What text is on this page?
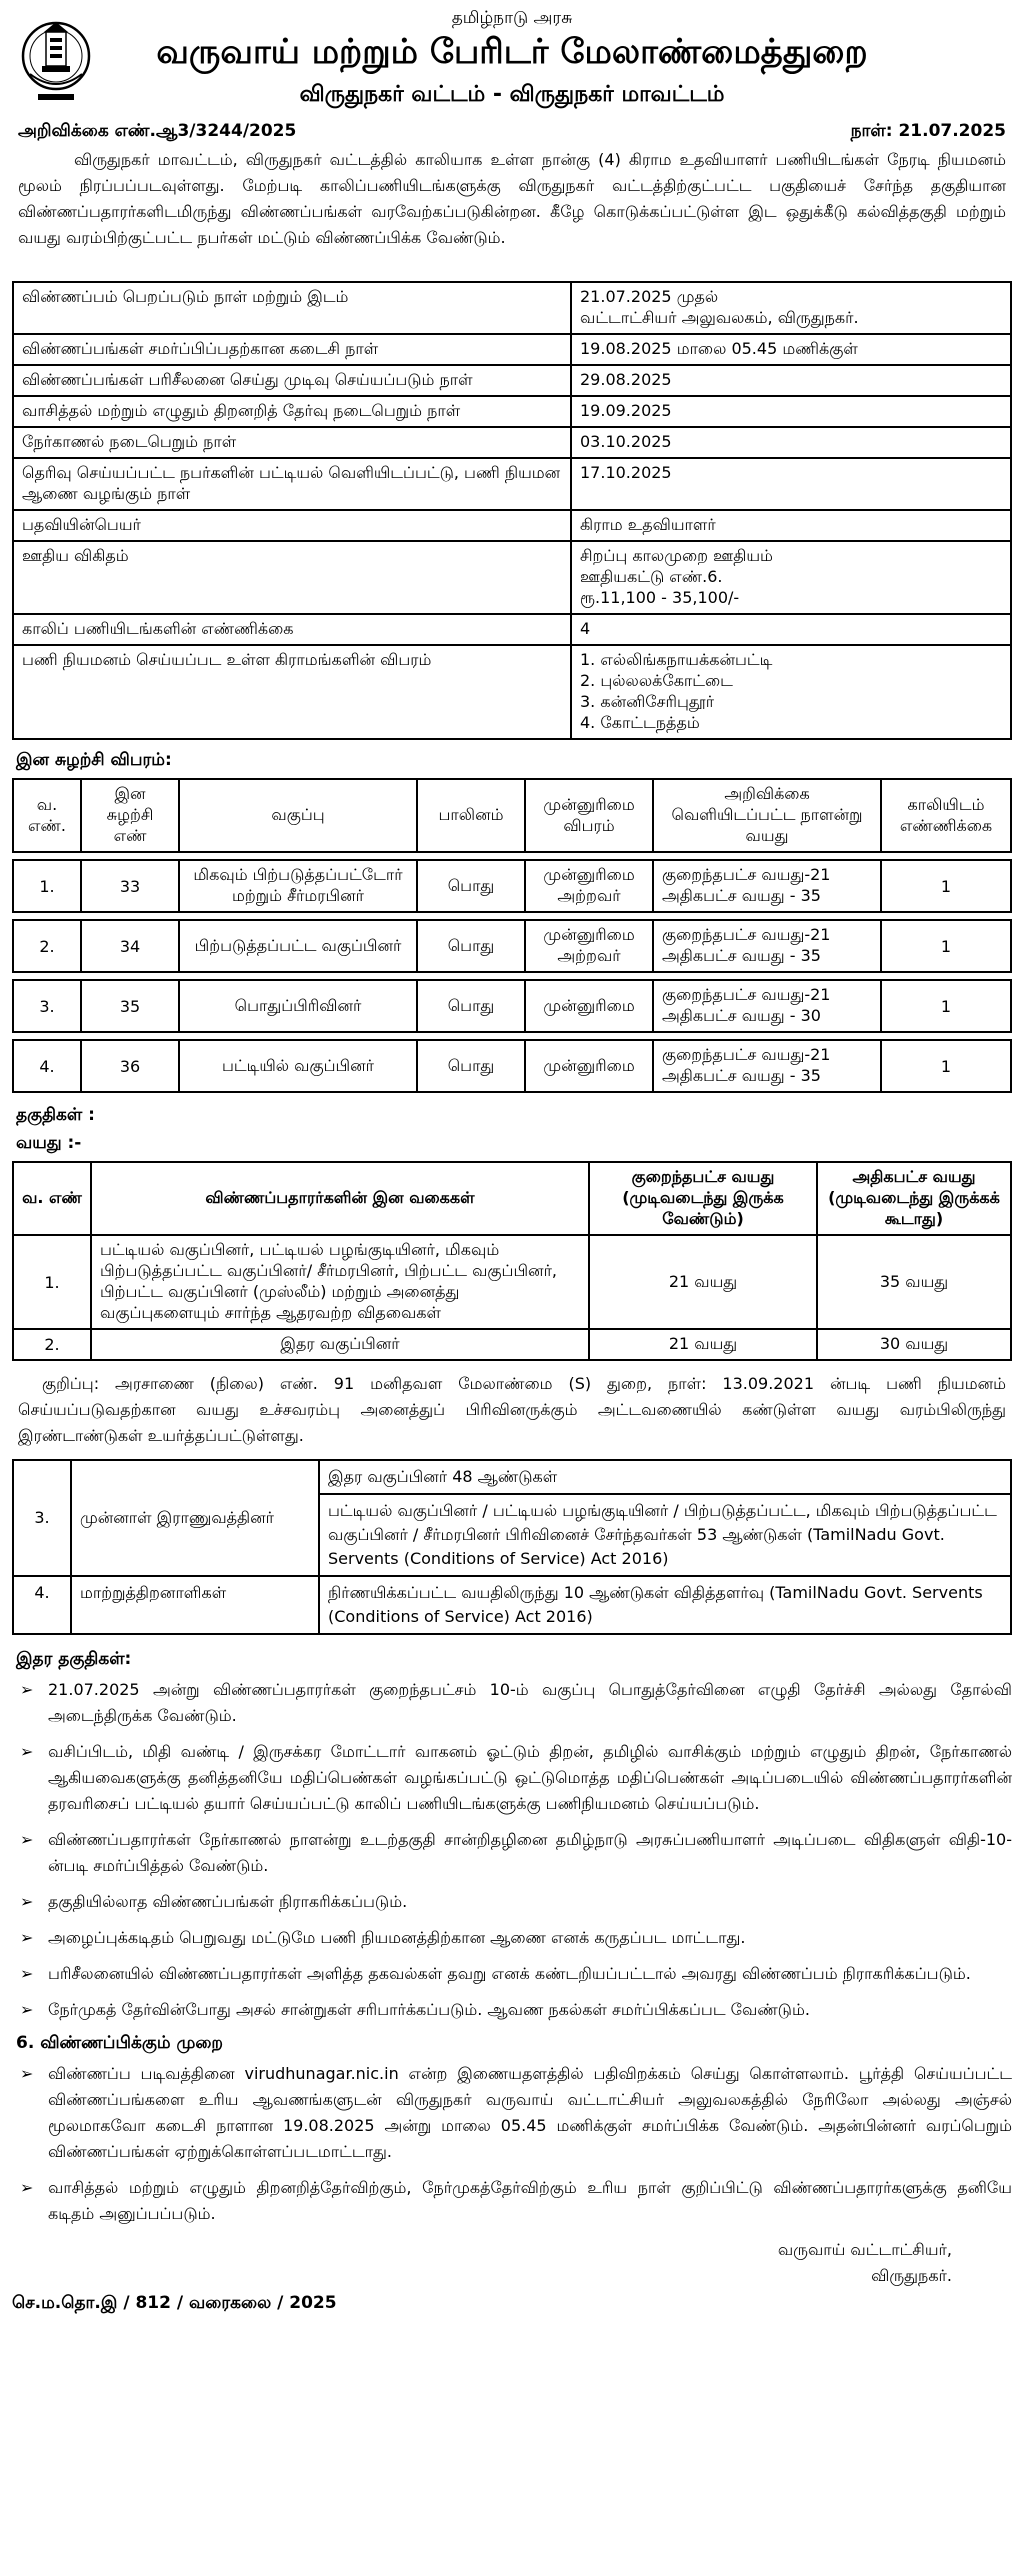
தமிழ்நாடு அரசு
வருவாய் மற்றும் பேரிடர் மேலாண்மைத்துறை
விருதுநகர் வட்டம் - விருதுநகர் மாவட்டம்
அறிவிக்கை எண்.ஆ3/3244/2025	நாள்: 21.07.2025
விருதுநகர் மாவட்டம், விருதுநகர் வட்டத்தில் காலியாக உள்ள நான்கு (4) கிராம உதவியாளர் பணியிடங்கள் நேரடி நியமனம் மூலம் நிரப்பப்படவுள்ளது. மேற்படி காலிப்பணியிடங்களுக்கு விருதுநகர் வட்டத்திற்குட்பட்ட பகுதியைச் சேர்ந்த தகுதியான விண்ணப்பதாரர்களிடமிருந்து விண்ணப்பங்கள் வரவேற்கப்படுகின்றன. கீழே கொடுக்கப்பட்டுள்ள இட ஒதுக்கீடு கல்வித்தகுதி மற்றும் வயது வரம்பிற்குட்பட்ட நபர்கள் மட்டும் விண்ணப்பிக்க வேண்டும்.
விண்ணப்பம் பெறப்படும் நாள் மற்றும் இடம்	21.07.2025 முதல்
வட்டாட்சியர் அலுவலகம், விருதுநகர்.

விண்ணப்பங்கள் சமர்ப்பிப்பதற்கான கடைசி நாள்	19.08.2025 மாலை 05.45 மணிக்குள்

விண்ணப்பங்கள் பரிசீலனை செய்து முடிவு செய்யப்படும் நாள்	29.08.2025

வாசித்தல் மற்றும் எழுதும் திறனறித் தேர்வு நடைபெறும் நாள்	19.09.2025

நேர்காணல் நடைபெறும் நாள்	03.10.2025

தெரிவு செய்யப்பட்ட நபர்களின் பட்டியல் வெளியிடப்பட்டு, பணி நியமன ஆணை வழங்கும் நாள்	17.10.2025

பதவியின்பெயர்	கிராம உதவியாளர்

ஊதிய விகிதம்	சிறப்பு காலமுறை ஊதியம்
ஊதியகட்டு எண்.6.
ரூ.11,100 - 35,100/-

காலிப் பணியிடங்களின் எண்ணிக்கை	4

பணி நியமனம் செய்யப்பட உள்ள கிராமங்களின் விபரம்	1. எல்லிங்கநாயக்கன்பட்டி
2. புல்லலக்கோட்டை
3. கன்னிசேரிபுதூர்
4. கோட்டநத்தம்
இன சுழற்சி விபரம்:
வ. எண்.	இன சுழற்சி எண்	வகுப்பு	பாலினம்	முன்னுரிமை விபரம்	அறிவிக்கை வெளியிடப்பட்ட நாளன்று வயது	காலியிடம் எண்ணிக்கை

1.	33	மிகவும் பிற்படுத்தப்பட்டோர் மற்றும் சீர்மரபினர்	பொது	முன்னுரிமை அற்றவர்	குறைந்தபட்ச வயது-21
அதிகபட்ச வயது - 35	1

2.	34	பிற்படுத்தப்பட்ட வகுப்பினர்	பொது	முன்னுரிமை அற்றவர்	குறைந்தபட்ச வயது-21
அதிகபட்ச வயது - 35	1

3.	35	பொதுப்பிரிவினர்	பொது	முன்னுரிமை	குறைந்தபட்ச வயது-21
அதிகபட்ச வயது - 30	1

4.	36	பட்டியில் வகுப்பினர்	பொது	முன்னுரிமை	குறைந்தபட்ச வயது-21
அதிகபட்ச வயது - 35	1
தகுதிகள் :
வயது :-
வ. எண்	விண்ணப்பதாரர்களின் இன வகைகள்	குறைந்தபட்ச வயது (முடிவடைந்து இருக்க வேண்டும்)	அதிகபட்ச வயது (முடிவடைந்து இருக்கக் கூடாது)
1.	பட்டியல் வகுப்பினர், பட்டியல் பழங்குடியினர், மிகவும் பிற்படுத்தப்பட்ட வகுப்பினர்/ சீர்மரபினர், பிற்பட்ட வகுப்பினர், பிற்பட்ட வகுப்பினர் (முஸ்லீம்) மற்றும் அனைத்து வகுப்புகளையும் சார்ந்த ஆதரவற்ற விதவைகள்	21 வயது	35 வயது
2.	இதர வகுப்பினர்	21 வயது	30 வயது
குறிப்பு: அரசாணை (நிலை) எண். 91 மனிதவள மேலாண்மை (S) துறை, நாள்: 13.09.2021 ன்படி பணி நியமனம் செய்யப்படுவதற்கான வயது உச்சவரம்பு அனைத்துப் பிரிவினருக்கும் அட்டவணையில் கண்டுள்ள வயது வரம்பிலிருந்து இரண்டாண்டுகள் உயர்த்தப்பட்டுள்ளது.
3.	முன்னாள் இராணுவத்தினர்	இதர வகுப்பினர் 48 ஆண்டுகள்
		பட்டியல் வகுப்பினர் / பட்டியல் பழங்குடியினர் / பிற்படுத்தப்பட்ட, மிகவும் பிற்படுத்தப்பட்ட வகுப்பினர் / சீர்மரபினர் பிரிவினைச் சேர்ந்தவர்கள் 53 ஆண்டுகள் (TamilNadu Govt. Servents (Conditions of Service) Act 2016)
4.	மாற்றுத்திறனாளிகள்	நிர்ணயிக்கப்பட்ட வயதிலிருந்து 10 ஆண்டுகள் விதித்தளர்வு (TamilNadu Govt. Servents (Conditions of Service) Act 2016)
இதர தகுதிகள்:
➢ 21.07.2025 அன்று விண்ணப்பதாரர்கள் குறைந்தபட்சம் 10-ம் வகுப்பு பொதுத்தேர்வினை எழுதி தேர்ச்சி அல்லது தோல்வி அடைந்திருக்க வேண்டும்.
➢ வசிப்பிடம், மிதி வண்டி / இருசக்கர மோட்டார் வாகனம் ஓட்டும் திறன், தமிழில் வாசிக்கும் மற்றும் எழுதும் திறன், நேர்காணல் ஆகியவைகளுக்கு தனித்தனியே மதிப்பெண்கள் வழங்கப்பட்டு ஒட்டுமொத்த மதிப்பெண்கள் அடிப்படையில் விண்ணப்பதாரர்களின் தரவரிசைப் பட்டியல் தயார் செய்யப்பட்டு காலிப் பணியிடங்களுக்கு பணிநியமனம் செய்யப்படும்.
➢ விண்ணப்பதாரர்கள் நேர்காணல் நாளன்று உடற்தகுதி சான்றிதழினை தமிழ்நாடு அரசுப்பணியாளர் அடிப்படை விதிகளுள் விதி-10-ன்படி சமர்ப்பித்தல் வேண்டும்.
➢ தகுதியில்லாத விண்ணப்பங்கள் நிராகரிக்கப்படும்.
➢ அழைப்புக்கடிதம் பெறுவது மட்டுமே பணி நியமனத்திற்கான ஆணை எனக் கருதப்பட மாட்டாது.
➢ பரிசீலனையில் விண்ணப்பதாரர்கள் அளித்த தகவல்கள் தவறு எனக் கண்டறியப்பட்டால் அவரது விண்ணப்பம் நிராகரிக்கப்படும்.
➢ நேர்முகத் தேர்வின்போது அசல் சான்றுகள் சரிபார்க்கப்படும். ஆவண நகல்கள் சமர்ப்பிக்கப்பட வேண்டும்.
6. விண்ணப்பிக்கும் முறை
➢ விண்ணப்ப படிவத்தினை virudhunagar.nic.in என்ற இணையதளத்தில் பதிவிறக்கம் செய்து கொள்ளலாம். பூர்த்தி செய்யப்பட்ட விண்ணப்பங்களை உரிய ஆவணங்களுடன் விருதுநகர் வருவாய் வட்டாட்சியர் அலுவலகத்தில் நேரிலோ அல்லது அஞ்சல் மூலமாகவோ கடைசி நாளான 19.08.2025 அன்று மாலை 05.45 மணிக்குள் சமர்ப்பிக்க வேண்டும். அதன்பின்னர் வரப்பெறும் விண்ணப்பங்கள் ஏற்றுக்கொள்ளப்படமாட்டாது.
➢ வாசித்தல் மற்றும் எழுதும் திறனறித்தேர்விற்கும், நேர்முகத்தேர்விற்கும் உரிய நாள் குறிப்பிட்டு விண்ணப்பதாரர்களுக்கு தனியே கடிதம் அனுப்பப்படும்.
வருவாய் வட்டாட்சியர்,
விருதுநகர்.
செ.ம.தொ.இ / 812 / வரைகலை / 2025
